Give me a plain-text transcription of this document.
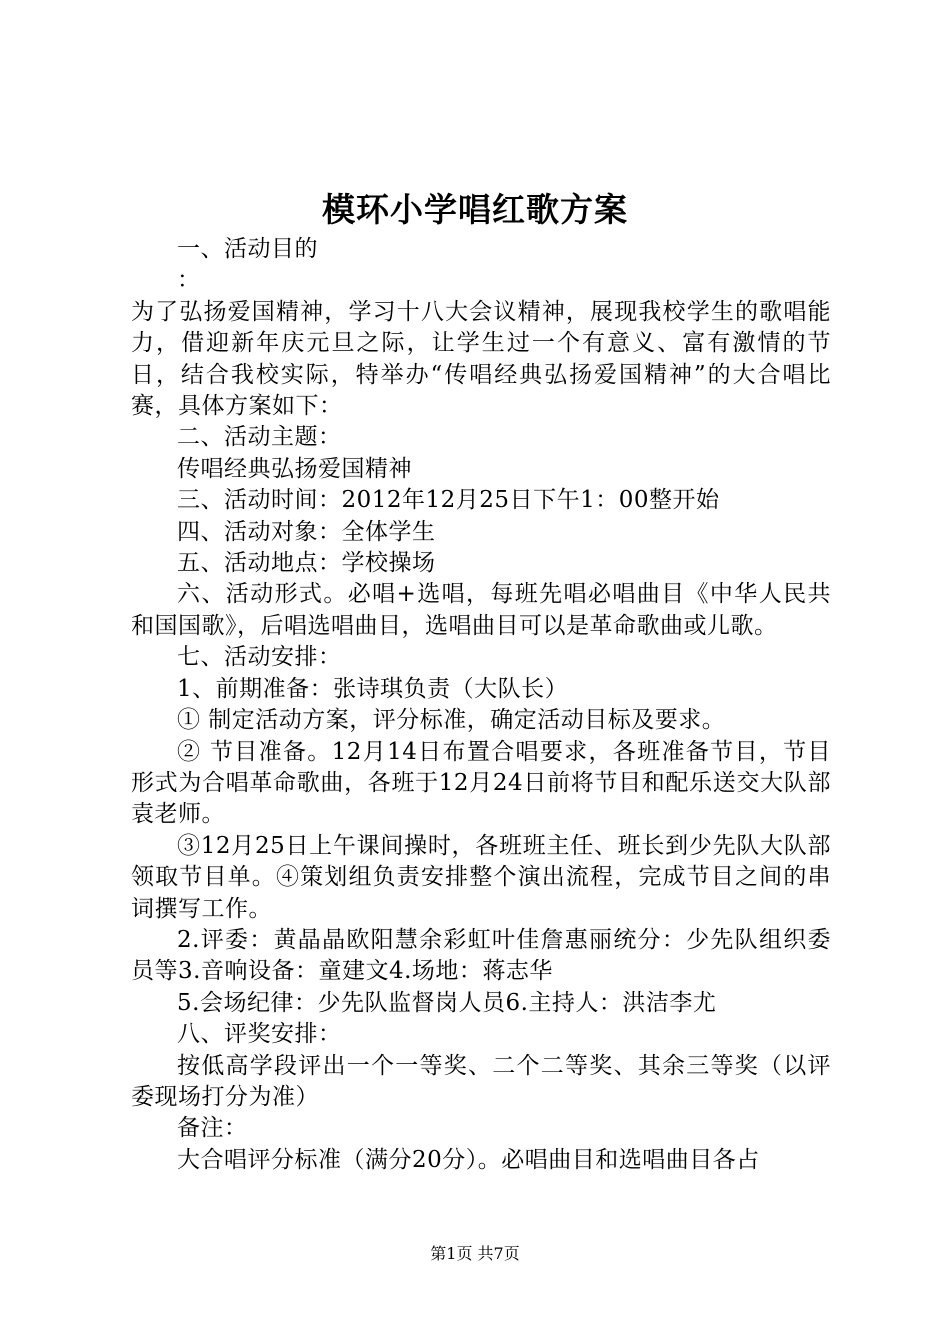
模环小学唱红歌方案

一、活动目的

：

为了弘扬爱国精神，学习十八大会议精神，展现我校学生的歌唱能力，借迎新年庆元旦之际，让学生过一个有意义、富有激情的节日，结合我校实际，特举办“传唱经典弘扬爱国精神”的大合唱比赛，具体方案如下：

二、活动主题：

传唱经典弘扬爱国精神

三、活动时间：2012年12月25日下午1：00整开始

四、活动对象：全体学生

五、活动地点：学校操场

六、活动形式。必唱+选唱，每班先唱必唱曲目《中华人民共和国国歌》，后唱选唱曲目，选唱曲目可以是革命歌曲或儿歌。

七、活动安排：

1、前期准备：张诗琪负责（大队长）

① 制定活动方案，评分标准，确定活动目标及要求。

② 节目准备。12月14日布置合唱要求，各班准备节目，节目形式为合唱革命歌曲，各班于12月24日前将节目和配乐送交大队部袁老师。

③12月25日上午课间操时，各班班主任、班长到少先队大队部领取节目单。④策划组负责安排整个演出流程，完成节目之间的串词撰写工作。

2.评委：黄晶晶欧阳慧余彩虹叶佳詹惠丽统分：少先队组织委员等3.音响设备：童建文4.场地：蒋志华

5.会场纪律：少先队监督岗人员6.主持人：洪洁李尤

八、评奖安排：

按低高学段评出一个一等奖、二个二等奖、其余三等奖（以评委现场打分为准）

备注：

大合唱评分标准（满分20分）。必唱曲目和选唱曲目各占

第1页 共7页
